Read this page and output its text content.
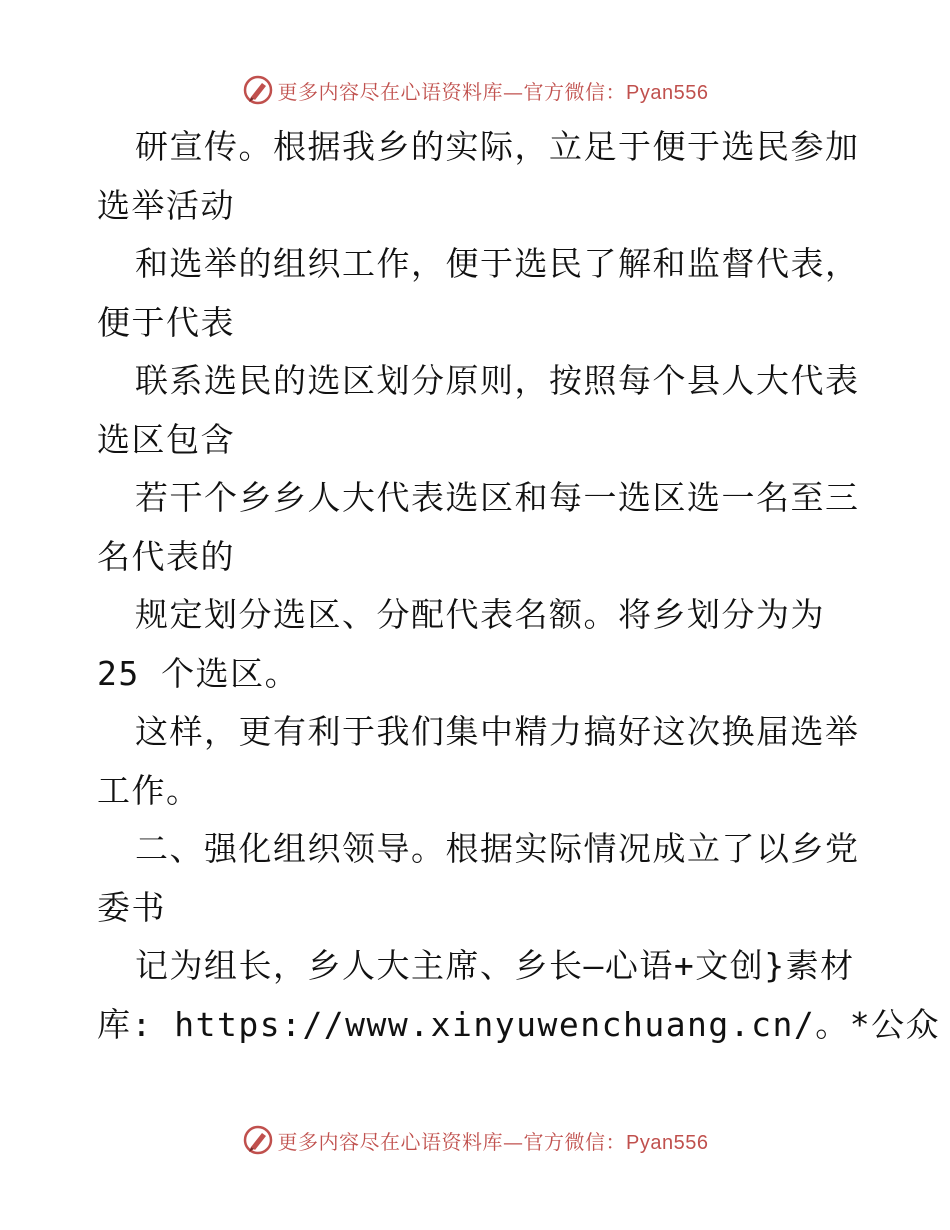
更多内容尽在心语资料库—官方微信：Pyan556
研宣传。根据我乡的实际，立足于便于选民参加
选举活动
和选举的组织工作，便于选民了解和监督代表，
便于代表
联系选民的选区划分原则，按照每个县人大代表
选区包含
若干个乡乡人大代表选区和每一选区选一名至三
名代表的
规定划分选区、分配代表名额。将乡划分为为
25 个选区。
这样，更有利于我们集中精力搞好这次换届选举
工作。
二、强化组织领导。根据实际情况成立了以乡党
委书
记为组长，乡人大主席、乡长—心语+文创}素材
库: https://www.xinyuwenchuang.cn/。*公众
更多内容尽在心语资料库—官方微信：Pyan556
